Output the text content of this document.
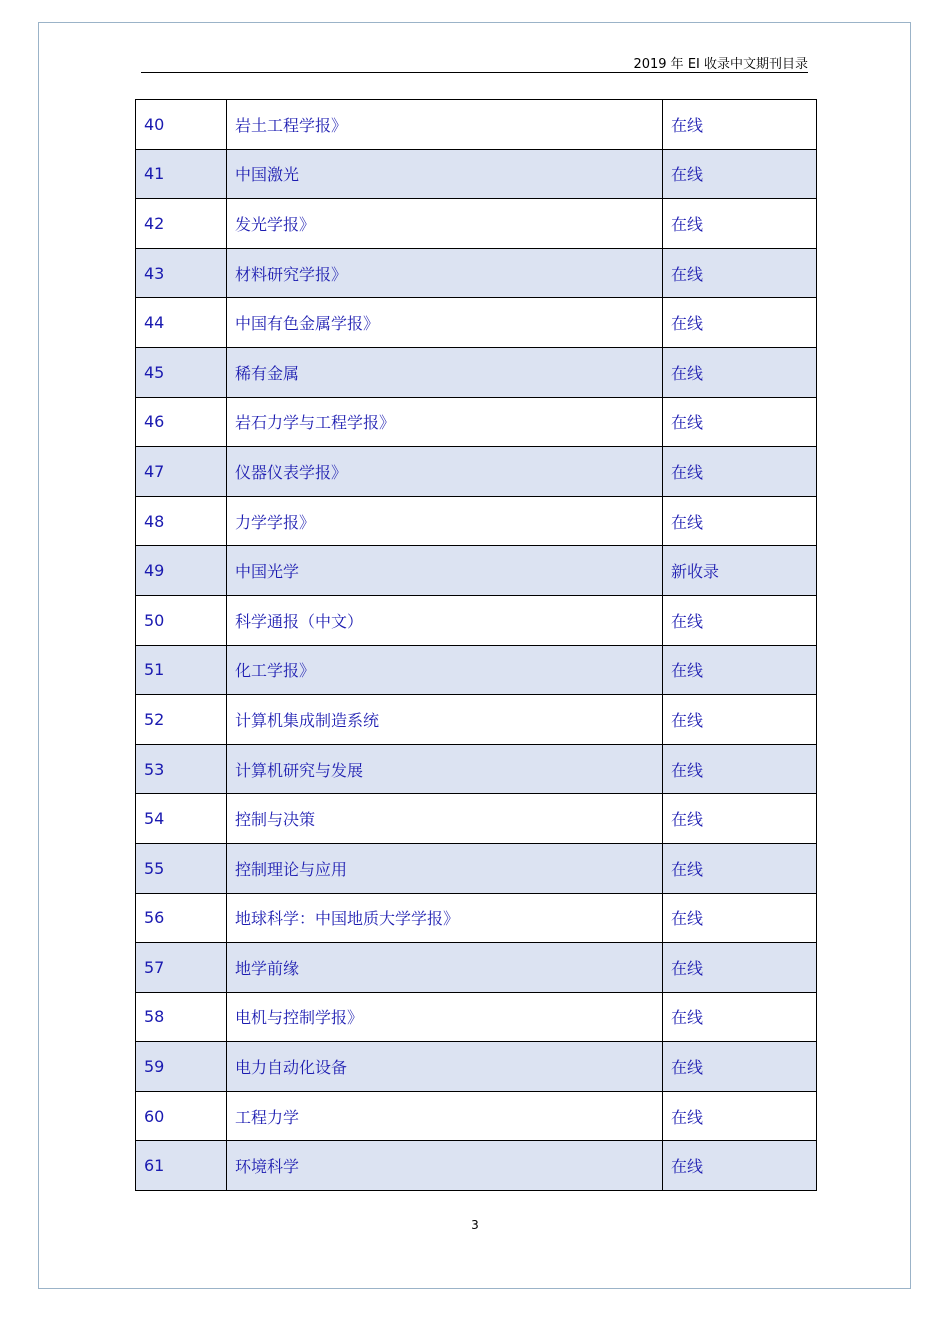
2019 年 EI 收录中文期刊目录
40	岩土工程学报》	在线
41	中国激光	在线
42	发光学报》	在线
43	材料研究学报》	在线
44	中国有色金属学报》	在线
45	稀有金属	在线
46	岩石力学与工程学报》	在线
47	仪器仪表学报》	在线
48	力学学报》	在线
49	中国光学	新收录
50	科学通报（中文）	在线
51	化工学报》	在线
52	计算机集成制造系统	在线
53	计算机研究与发展	在线
54	控制与决策	在线
55	控制理论与应用	在线
56	地球科学：中国地质大学学报》	在线
57	地学前缘	在线
58	电机与控制学报》	在线
59	电力自动化设备	在线
60	工程力学	在线
61	环境科学	在线
3
